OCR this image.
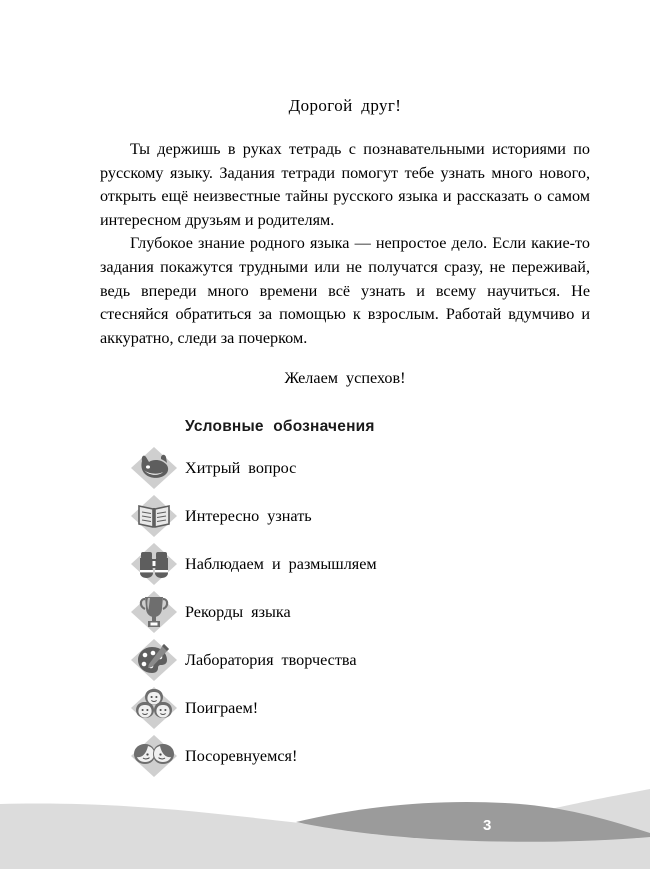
Дорогой друг!

Ты держишь в руках тетрадь с познавательными историями по русскому языку. Задания тетради помогут тебе узнать много нового, открыть ещё неизвестные тайны русского языка и рассказать о самом интересном друзьям и родителям.

Глубокое знание родного языка — непростое дело. Если какие-то задания покажутся трудными или не получатся сразу, не переживай, ведь впереди много времени всё узнать и всему научиться. Не стесняйся обратиться за помощью к взрослым. Работай вдумчиво и аккуратно, следи за почерком.

Желаем успехов!
Условные обозначения
Хитрый вопрос
Интересно узнать
Наблюдаем и размышляем
Рекорды языка
Лаборатория творчества
Поиграем!
Посоревнуемся!
3
